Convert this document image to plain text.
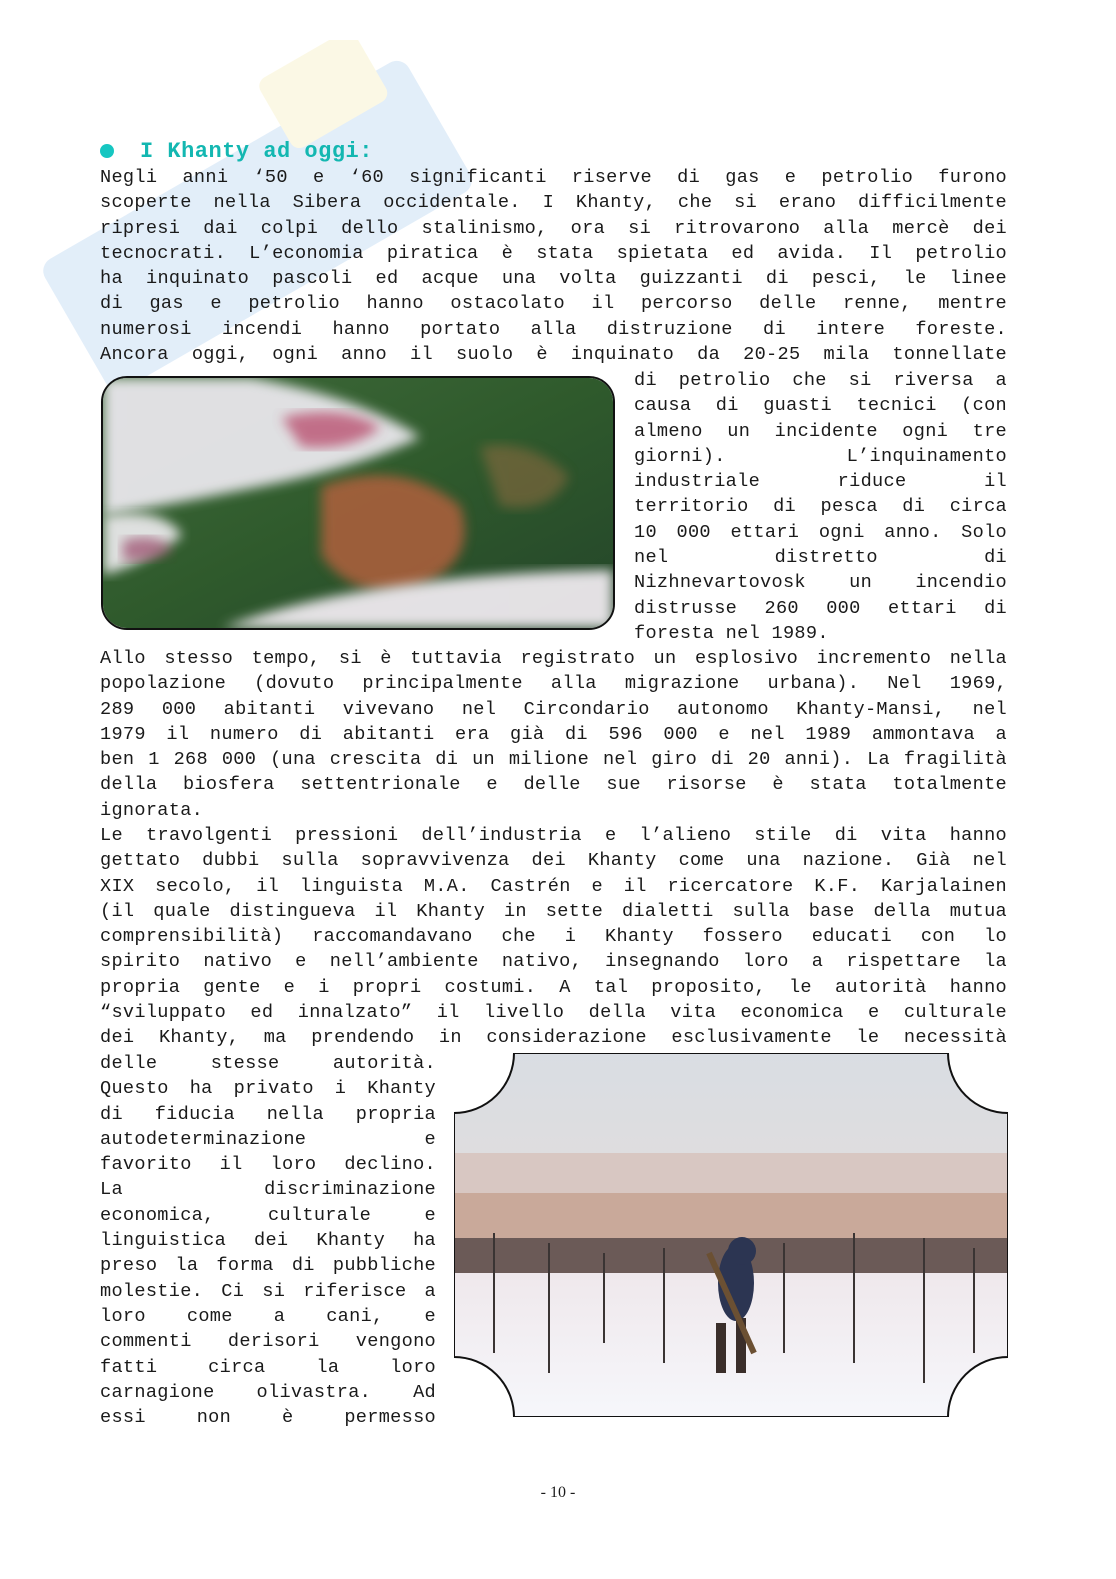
I Khanty ad oggi:
Negli anni ‘50 e ‘60 significanti riserve di gas e petrolio furono
scoperte nella Sibera occidentale. I Khanty, che si erano difficilmente
ripresi dai colpi dello stalinismo, ora si ritrovarono alla mercè dei
tecnocrati. L’economia piratica è stata spietata ed avida. Il petrolio
ha inquinato pascoli ed acque una volta guizzanti di pesci, le linee
di gas e petrolio hanno ostacolato il percorso delle renne, mentre
numerosi incendi hanno portato alla distruzione di intere foreste.
Ancora oggi, ogni anno il suolo è inquinato da 20-25 mila tonnellate
di petrolio che si riversa a
causa di guasti tecnici (con
almeno un incidente ogni tre
giorni). L’inquinamento
industriale riduce il
territorio di pesca di circa
10 000 ettari ogni anno. Solo
nel distretto di
Nizhnevartovosk un incendio
distrusse 260 000 ettari di
foresta nel 1989.
Allo stesso tempo, si è tuttavia registrato un esplosivo incremento nella
popolazione (dovuto principalmente alla migrazione urbana). Nel 1969,
289 000 abitanti vivevano nel Circondario autonomo Khanty-Mansi, nel
1979 il numero di abitanti era già di 596 000 e nel 1989 ammontava a
ben 1 268 000 (una crescita di un milione nel giro di 20 anni). La fragilità
della biosfera settentrionale e delle sue risorse è stata totalmente
ignorata.
Le travolgenti pressioni dell’industria e l’alieno stile di vita hanno
gettato dubbi sulla sopravvivenza dei Khanty come una nazione. Già nel
XIX secolo, il linguista M.A. Castrén e il ricercatore K.F. Karjalainen
(il quale distingueva il Khanty in sette dialetti sulla base della mutua
comprensibilità) raccomandavano che i Khanty fossero educati con lo
spirito nativo e nell’ambiente nativo, insegnando loro a rispettare la
propria gente e i propri costumi. A tal proposito, le autorità hanno
“sviluppato ed innalzato” il livello della vita economica e culturale
dei Khanty, ma prendendo in considerazione esclusivamente le necessità
delle stesse autorità.
Questo ha privato i Khanty
di fiducia nella propria
autodeterminazione e
favorito il loro declino.
La discriminazione
economica, culturale e
linguistica dei Khanty ha
preso la forma di pubbliche
molestie. Ci si riferisce a
loro come a cani, e
commenti derisori vengono
fatti circa la loro
carnagione olivastra. Ad
essi non è permesso
- 10 -
